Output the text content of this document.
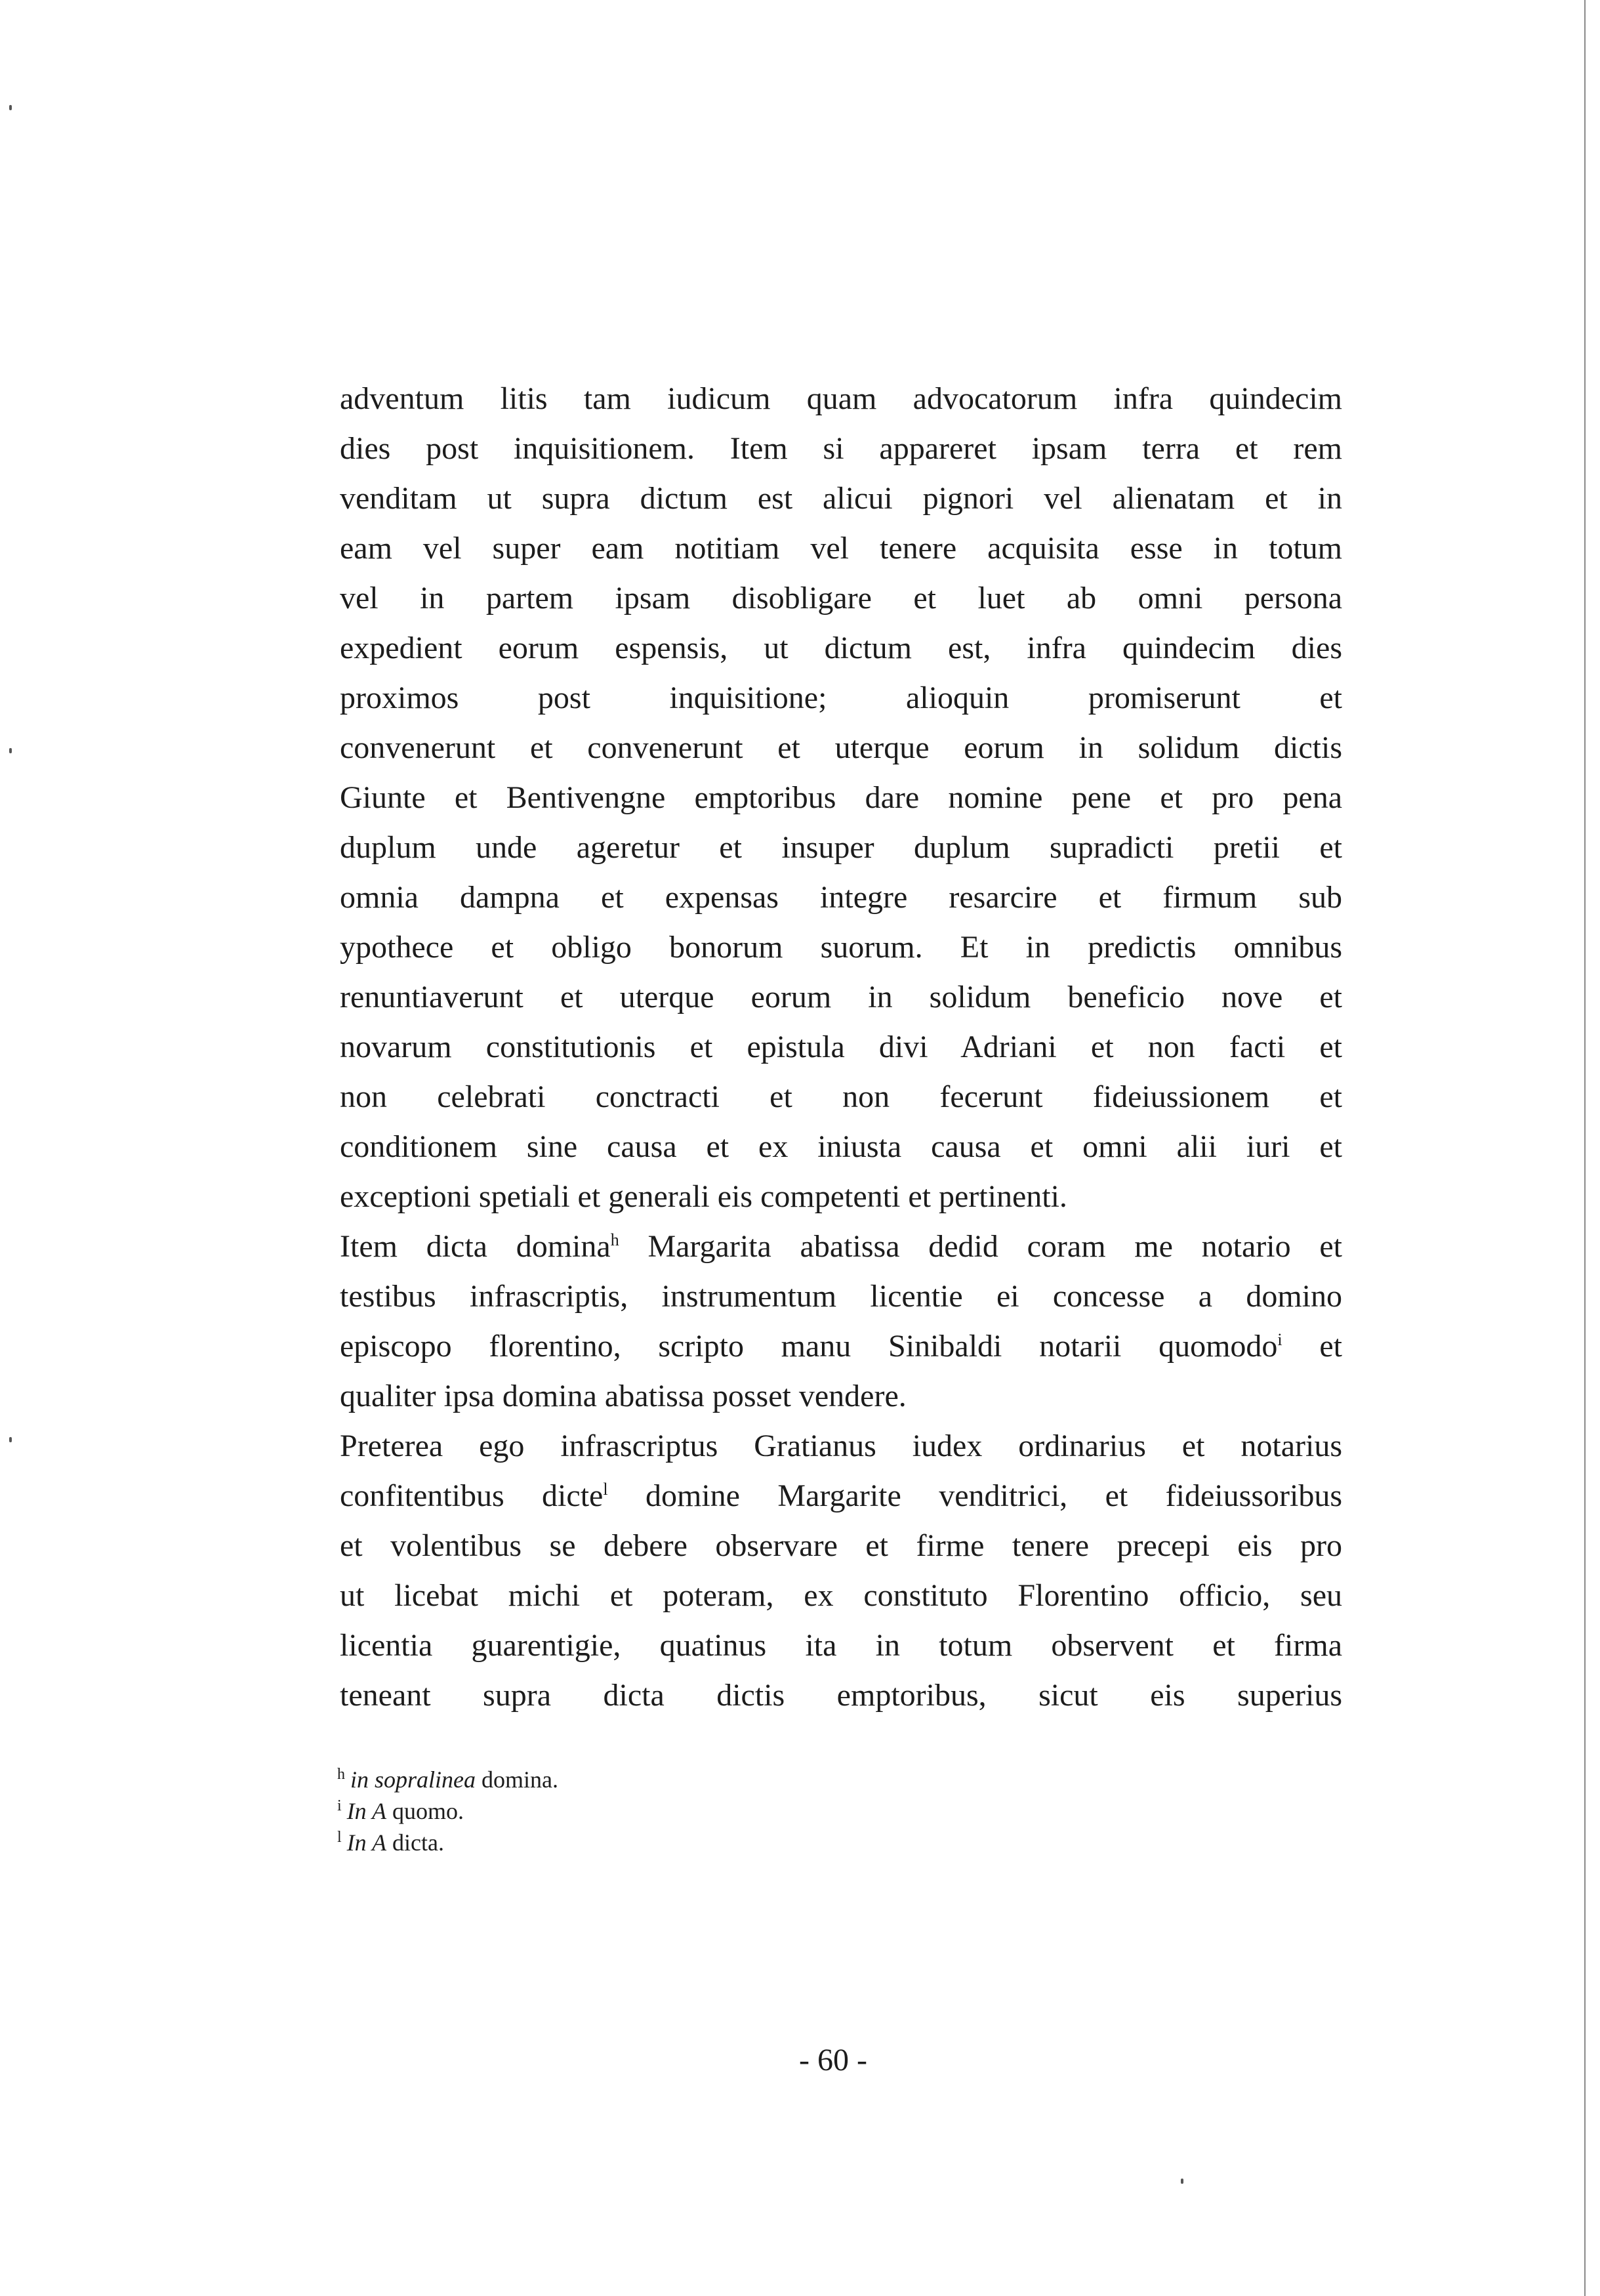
adventum litis tam iudicum quam advocatorum infra quindecim
dies post inquisitionem. Item si appareret ipsam terra et rem
venditam ut supra dictum est alicui pignori vel alienatam et in
eam vel super eam notitiam vel tenere acquisita esse in totum
vel in partem ipsam disobligare et luet ab omni persona
expedient eorum espensis, ut dictum est, infra quindecim dies
proximos post inquisitione; alioquin promiserunt et
convenerunt et convenerunt et uterque eorum in solidum dictis
Giunte et Bentivengne emptoribus dare nomine pene et pro pena
duplum unde ageretur et insuper duplum supradicti pretii et
omnia dampna et expensas integre resarcire et firmum sub
ypothece et obligo bonorum suorum. Et in predictis omnibus
renuntiaverunt et uterque eorum in solidum beneficio nove et
novarum constitutionis et epistula divi Adriani et non facti et
non celebrati conctracti et non fecerunt fideiussionem et
conditionem sine causa et ex iniusta causa et omni alii iuri et
exceptioni spetiali et generali eis competenti et pertinenti.
Item dicta domina$^h$ Margarita abatissa dedid coram me notario et
testibus infrascriptis, instrumentum licentie ei concesse a domino
episcopo florentino, scripto manu Sinibaldi notarii quomodo$^i$ et
qualiter ipsa domina abatissa posset vendere.
Preterea ego infrascriptus Gratianus iudex ordinarius et notarius
confitentibus dicte$^l$ domine Margarite venditrici, et fideiussoribus
et volentibus se debere observare et firme tenere precepi eis pro
ut licebat michi et poteram, ex constituto Florentino officio, seu
licentia guarentigie, quatinus ita in totum observent et firma
teneant supra dicta dictis emptoribus, sicut eis superius
$^h$ in sopralinea domina.
$^i$ In A quomo.
$^l$ In A dicta.
- 60 -
